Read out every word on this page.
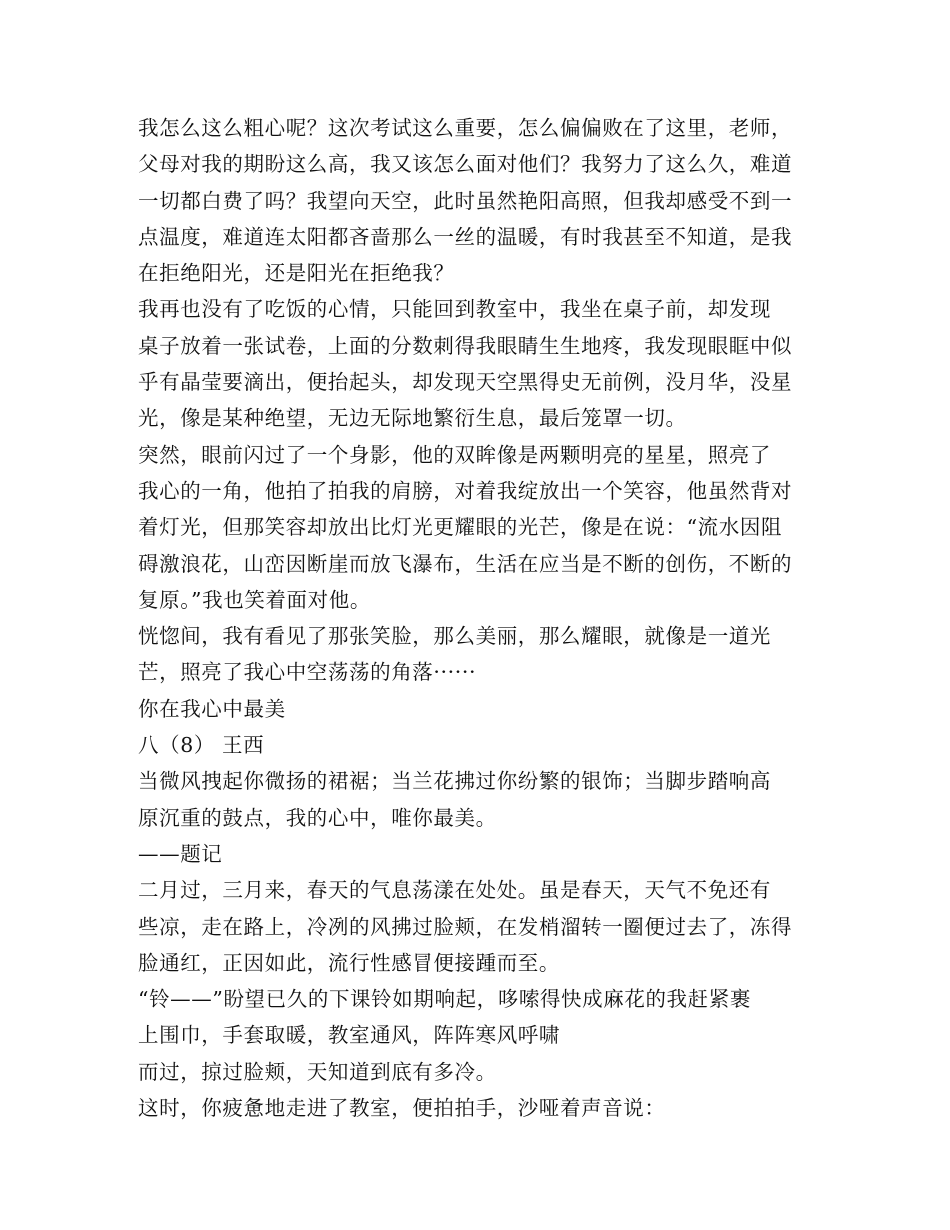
我怎么这么粗心呢？这次考试这么重要，怎么偏偏败在了这里，老师，
父母对我的期盼这么高，我又该怎么面对他们？我努力了这么久，难道
一切都白费了吗？我望向天空，此时虽然艳阳高照，但我却感受不到一
点温度，难道连太阳都吝啬那么一丝的温暖，有时我甚至不知道，是我
在拒绝阳光，还是阳光在拒绝我？
我再也没有了吃饭的心情，只能回到教室中，我坐在桌子前，却发现
桌子放着一张试卷，上面的分数刺得我眼睛生生地疼，我发现眼眶中似
乎有晶莹要滴出，便抬起头，却发现天空黑得史无前例，没月华，没星
光，像是某种绝望，无边无际地繁衍生息，最后笼罩一切。
突然，眼前闪过了一个身影，他的双眸像是两颗明亮的星星，照亮了
我心的一角，他拍了拍我的肩膀，对着我绽放出一个笑容，他虽然背对
着灯光，但那笑容却放出比灯光更耀眼的光芒，像是在说：“流水因阻
碍激浪花，山峦因断崖而放飞瀑布，生活在应当是不断的创伤，不断的
复原。”我也笑着面对他。
恍惚间，我有看见了那张笑脸，那么美丽，那么耀眼，就像是一道光
芒，照亮了我心中空荡荡的角落······
你在我心中最美
八（8） 王西
当微风拽起你微扬的裙裾；当兰花拂过你纷繁的银饰；当脚步踏响高
原沉重的鼓点，我的心中，唯你最美。
——题记
二月过，三月来，春天的气息荡漾在处处。虽是春天，天气不免还有
些凉，走在路上，冷冽的风拂过脸颊，在发梢溜转一圈便过去了，冻得
脸通红，正因如此，流行性感冒便接踵而至。
“铃——”盼望已久的下课铃如期响起，哆嗦得快成麻花的我赶紧裹
上围巾，手套取暖，教室通风，阵阵寒风呼啸
而过，掠过脸颊，天知道到底有多冷。
这时，你疲惫地走进了教室，便拍拍手，沙哑着声音说：
